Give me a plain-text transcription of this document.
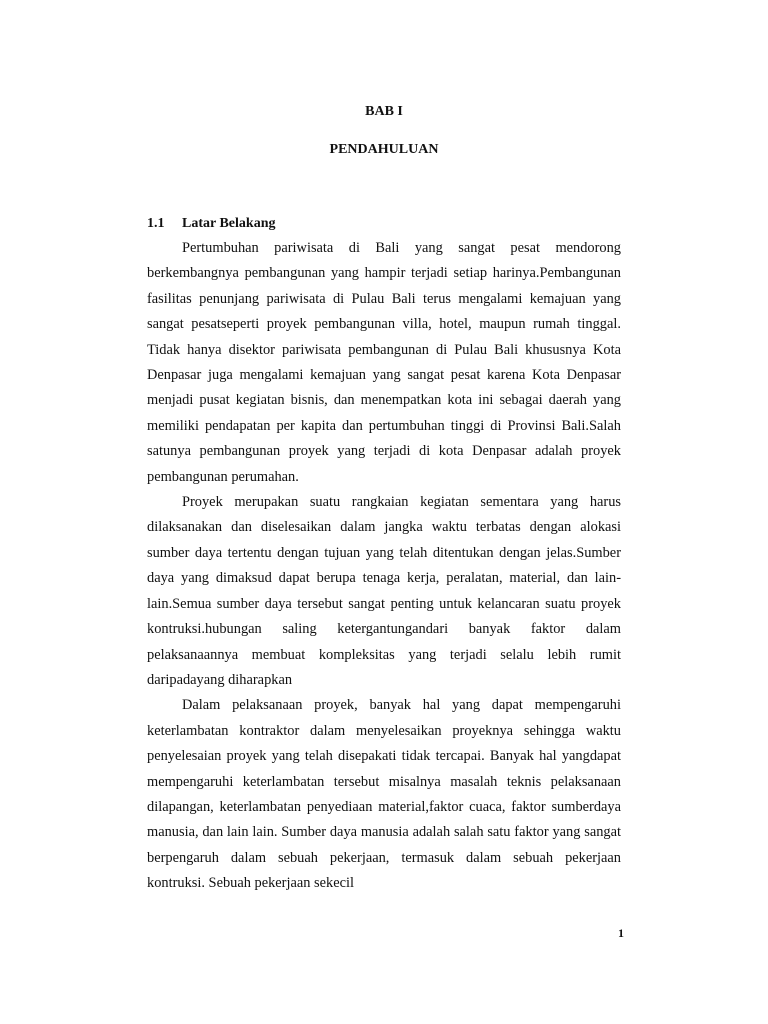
BAB I
PENDAHULUAN
1.1 Latar Belakang

Pertumbuhan pariwisata di Bali yang sangat pesat mendorong berkembangnya pembangunan yang hampir terjadi setiap harinya.Pembangunan fasilitas penunjang pariwisata di Pulau Bali terus mengalami kemajuan yang sangat pesatseperti proyek pembangunan villa, hotel, maupun rumah tinggal. Tidak hanya disektor pariwisata pembangunan di Pulau Bali khususnya Kota Denpasar juga mengalami kemajuan yang sangat pesat karena Kota Denpasar menjadi pusat kegiatan bisnis, dan menempatkan kota ini sebagai daerah yang memiliki pendapatan per kapita dan pertumbuhan tinggi di Provinsi Bali.Salah satunya pembangunan proyek yang terjadi di kota Denpasar adalah proyek pembangunan perumahan.

Proyek merupakan suatu rangkaian kegiatan sementara yang harus dilaksanakan dan diselesaikan dalam jangka waktu terbatas dengan alokasi sumber daya tertentu dengan tujuan yang telah ditentukan dengan jelas.Sumber daya yang dimaksud dapat berupa tenaga kerja, peralatan, material, dan lain-lain.Semua sumber daya tersebut sangat penting untuk kelancaran suatu proyek kontruksi.hubungan saling ketergantungandari banyak faktor dalam pelaksanaannya membuat kompleksitas yang terjadi selalu lebih rumit daripadayang diharapkan

Dalam pelaksanaan proyek, banyak hal yang dapat mempengaruhi keterlambatan kontraktor dalam menyelesaikan proyeknya sehingga waktu penyelesaian proyek yang telah disepakati tidak tercapai. Banyak hal yangdapat mempengaruhi keterlambatan tersebut misalnya masalah teknis pelaksanaan dilapangan, keterlambatan penyediaan material,faktor cuaca, faktor sumberdaya manusia, dan lain lain. Sumber daya manusia adalah salah satu faktor yang sangat berpengaruh dalam sebuah pekerjaan, termasuk dalam sebuah pekerjaan kontruksi. Sebuah pekerjaan sekecil

1
